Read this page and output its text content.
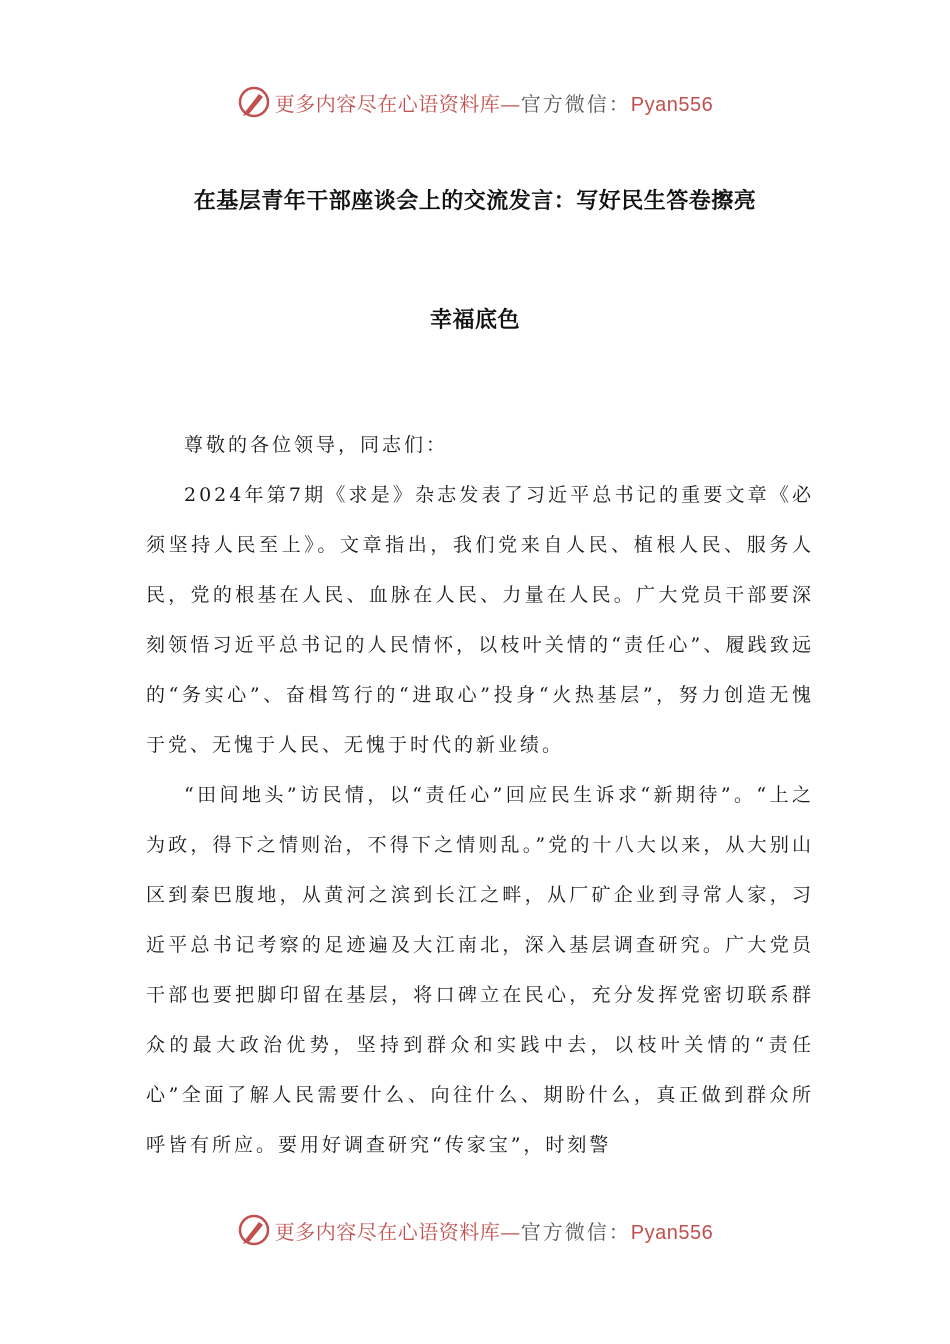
更多内容尽在心语资料库—官方微信：Pyan556
在基层青年干部座谈会上的交流发言：写好民生答卷擦亮
幸福底色

尊敬的各位领导，同志们：

2024年第7期《求是》杂志发表了习近平总书记的重要文章《必须坚持人民至上》。文章指出，我们党来自人民、植根人民、服务人民，党的根基在人民、血脉在人民、力量在人民。广大党员干部要深刻领悟习近平总书记的人民情怀，以枝叶关情的“责任心”、履践致远的“务实心”、奋楫笃行的“进取心”投身“火热基层”，努力创造无愧于党、无愧于人民、无愧于时代的新业绩。

“田间地头”访民情，以“责任心”回应民生诉求“新期待”。“上之为政，得下之情则治，不得下之情则乱。”党的十八大以来，从大别山区到秦巴腹地，从黄河之滨到长江之畔，从厂矿企业到寻常人家，习近平总书记考察的足迹遍及大江南北，深入基层调查研究。广大党员干部也要把脚印留在基层，将口碑立在民心，充分发挥党密切联系群众的最大政治优势，坚持到群众和实践中去，以枝叶关情的“责任心”全面了解人民需要什么、向往什么、期盼什么，真正做到群众所呼皆有所应。要用好调查研究“传家宝”，时刻警

更多内容尽在心语资料库—官方微信：Pyan556
